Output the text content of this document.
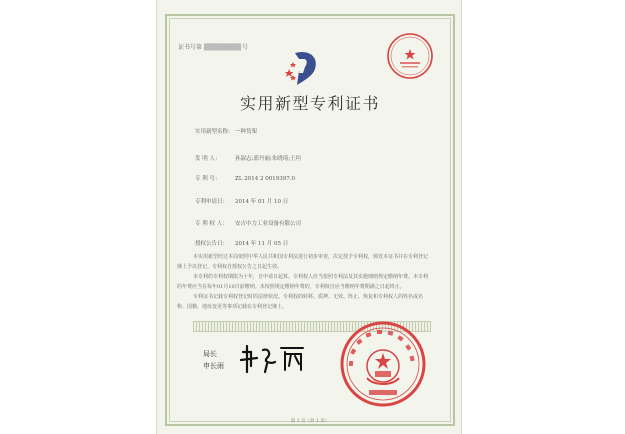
证书号第 ██████████ 号
实用新型专利证书
实用新型名称：一种货架
发 明 人：	孙淑志;郭丹丽;朱晓琦;王坦
专 利 号：	ZL 2014 2 0019397.0
专利申请日： 2014 年 01 月 10 日
专 利 权 人： 安吉中力工业设备有限公司
授权公告日： 2014 年 11 月 05 日

本实用新型经过本局依照中华人民共和国专利法进行初步审查，决定授予专利权，颁发本证书并在专利登记簿上予以登记。专利权自授权公告之日起生效。

本专利的专利权期限为十年，自申请日起算。专利权人应当依照专利法及其实施细则规定缴纳年费。本专利的年费应当在每年01月10日前缴纳。未按照规定缴纳年费的，专利权自应当缴纳年费期满之日起终止。

专利证书记载专利权登记时的法律状况。专利权的转移、质押、无效、终止、恢复和专利权人的姓名或名称、国籍、地址变更等事项记载在专利登记簿上。

局长
申长雨
第 1 页（共 1 页）
